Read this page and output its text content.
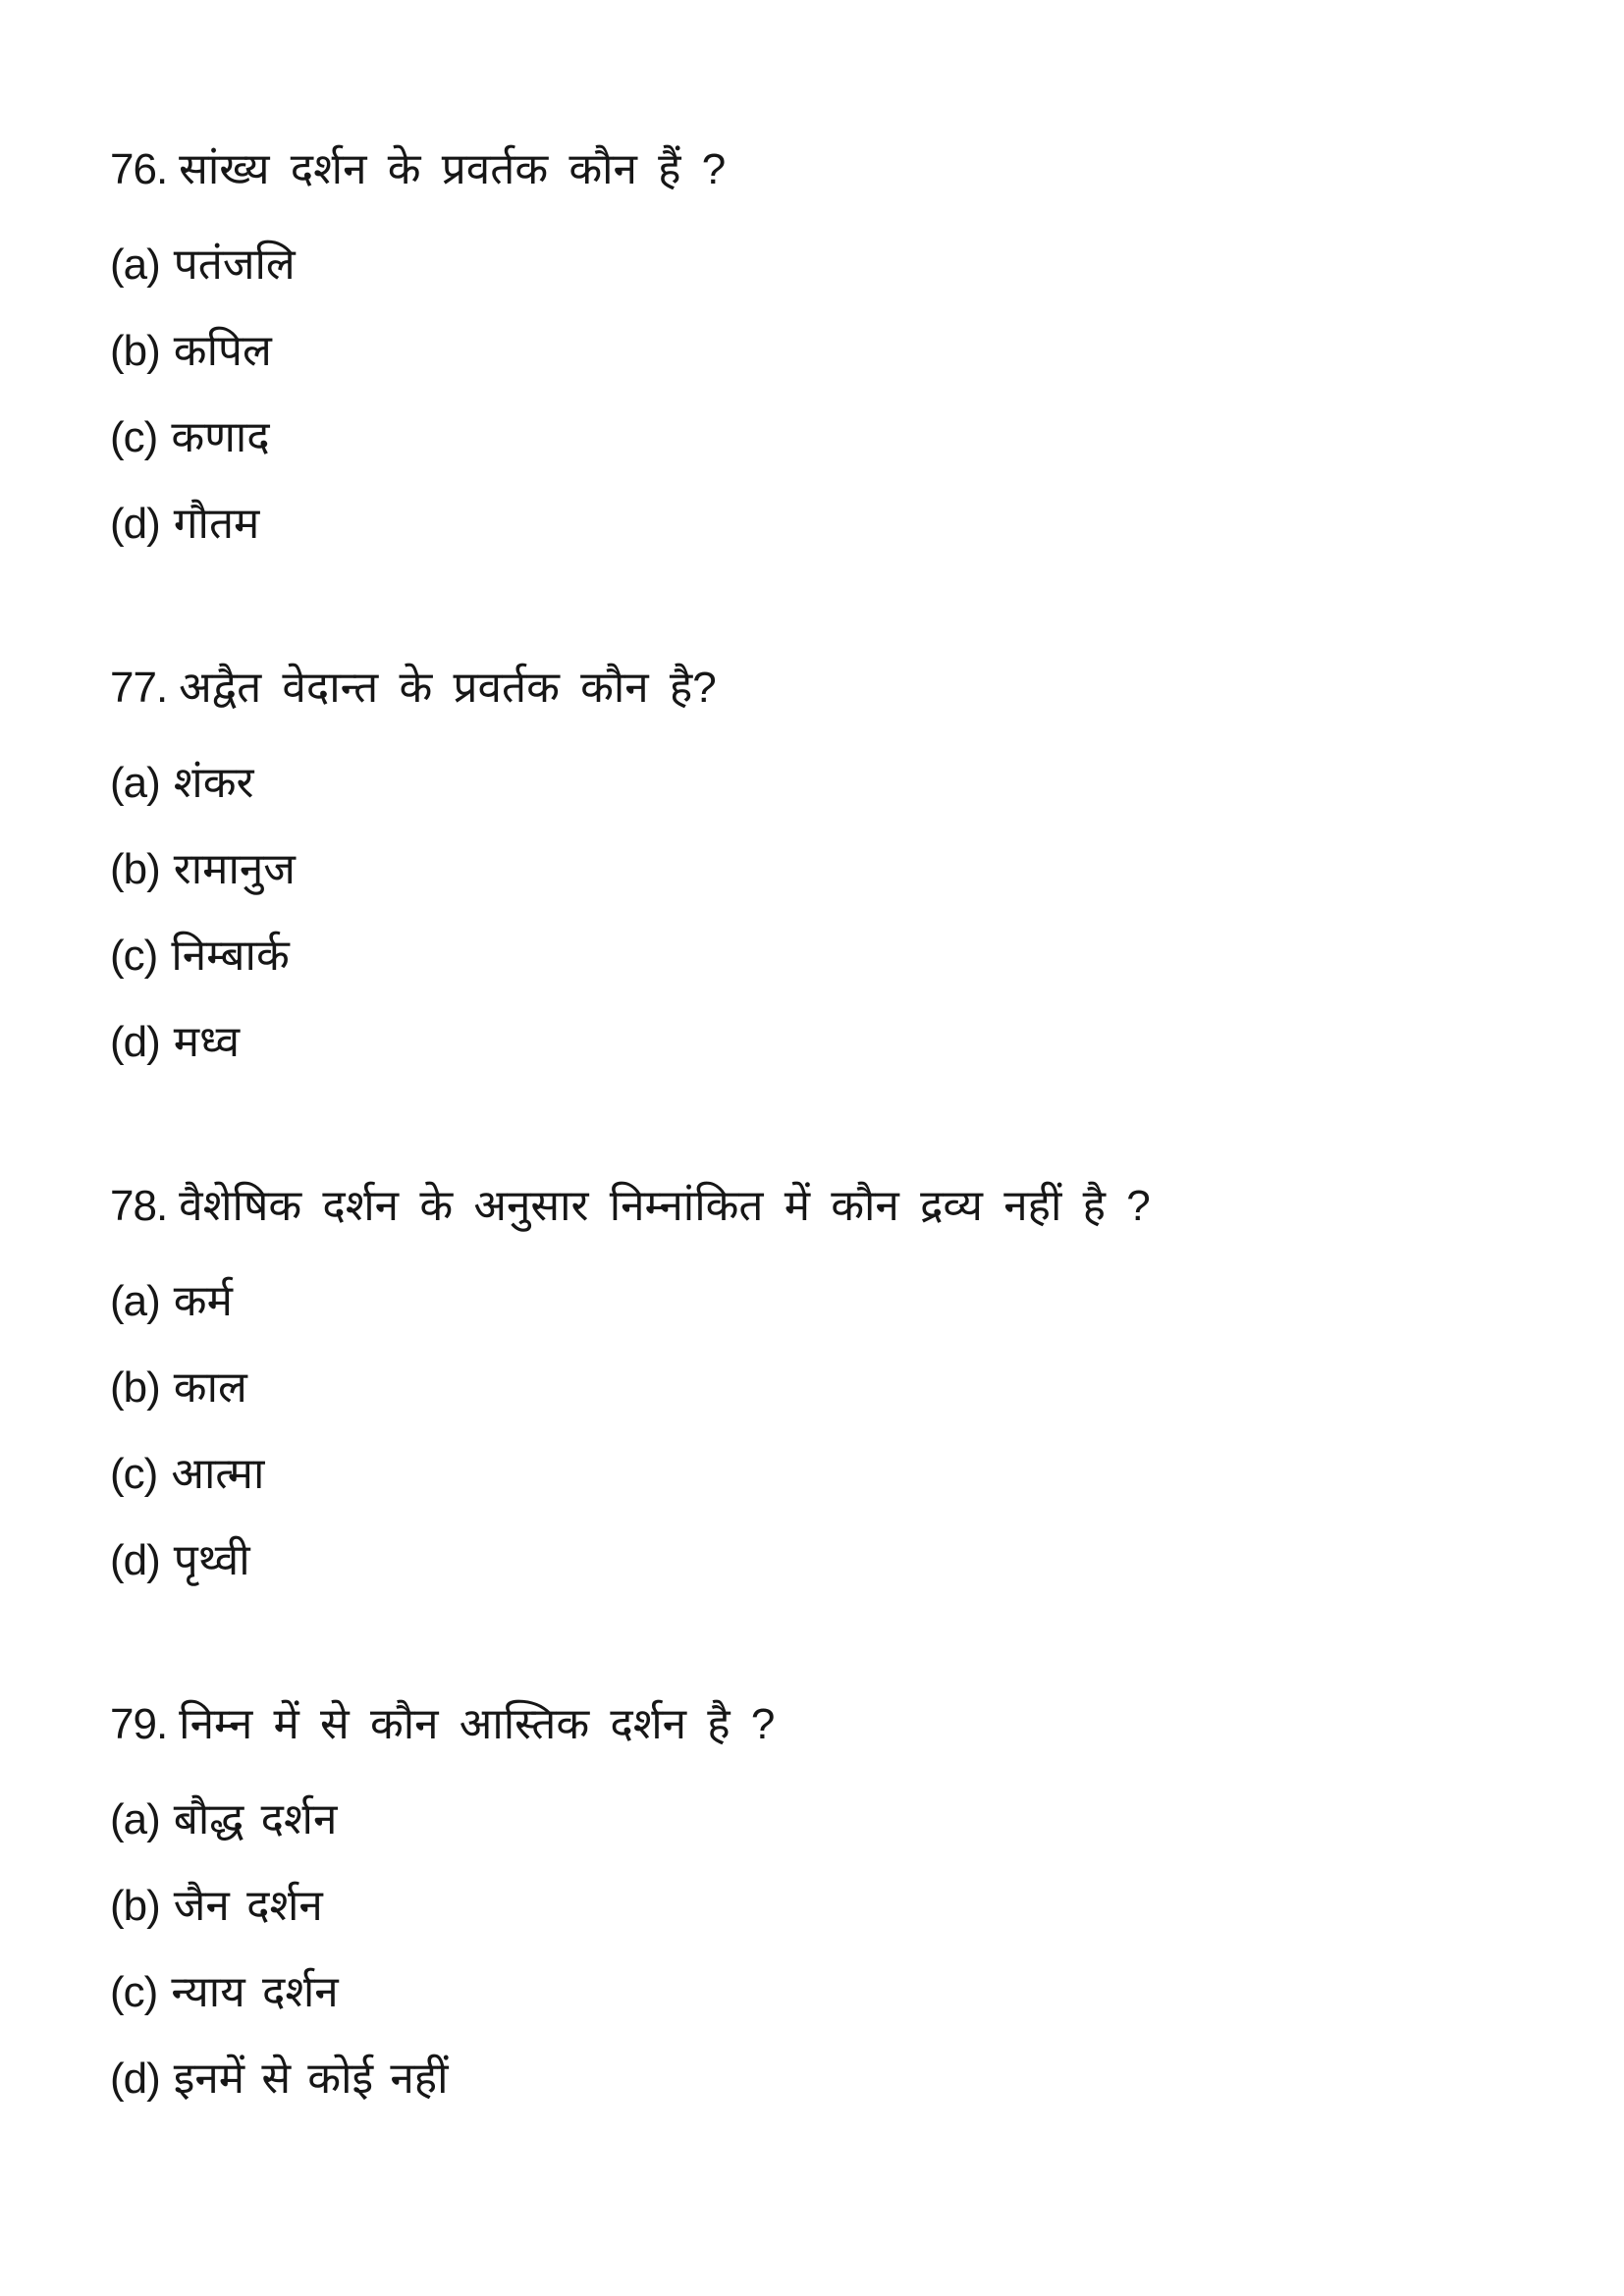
76. सांख्य दर्शन के प्रवर्तक कौन हैं ?
(a) पतंजलि
(b) कपिल
(c) कणाद
(d) गौतम
77. अद्वैत वेदान्त के प्रवर्तक कौन है?
(a) शंकर
(b) रामानुज
(c) निम्बार्क
(d) मध्व
78. वैशेषिक दर्शन के अनुसार निम्नांकित में कौन द्रव्य नहीं है ?
(a) कर्म
(b) काल
(c) आत्मा
(d) पृथ्वी
79. निम्न में से कौन आस्तिक दर्शन है ?
(a) बौद्ध दर्शन
(b) जैन दर्शन
(c) न्याय दर्शन
(d) इनमें से कोई नहीं
